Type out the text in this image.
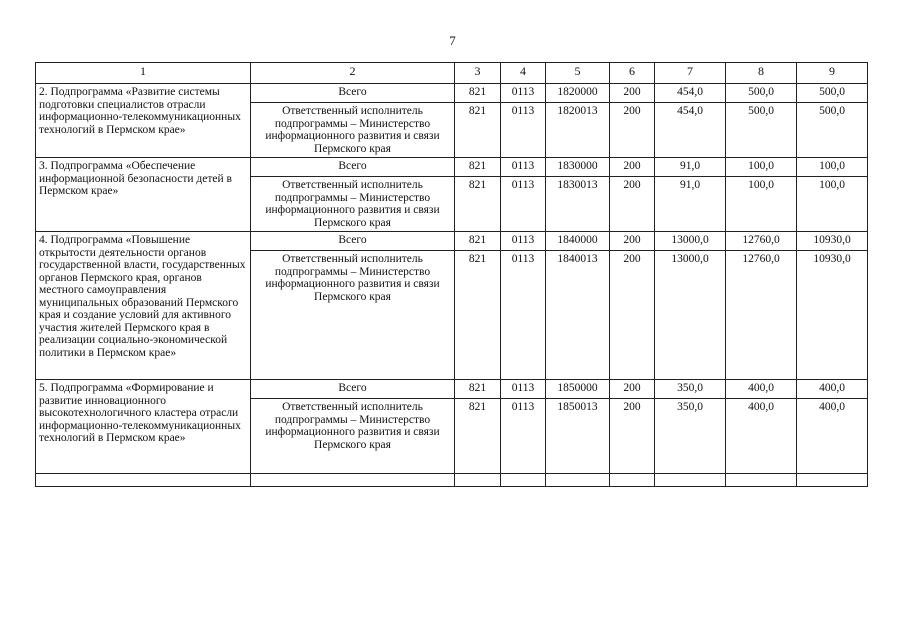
7
1	2	3	4	5	6	7	8	9
2. Подпрограмма «Развитие системы подготовки специалистов отрасли информационно-телекоммуникационных технологий в Пермском крае»	Всего	821	0113	1820000	200	454,0	500,0	500,0
	Ответственный исполнитель подпрограммы – Министерство информационного развития и связи Пермского края	821	0113	1820013	200	454,0	500,0	500,0
3. Подпрограмма «Обеспечение информационной безопасности детей в Пермском крае»	Всего	821	0113	1830000	200	91,0	100,0	100,0
	Ответственный исполнитель подпрограммы – Министерство информационного развития и связи Пермского края	821	0113	1830013	200	91,0	100,0	100,0
4. Подпрограмма «Повышение открытости деятельности органов государственной власти, государственных органов Пермского края, органов местного самоуправления муниципальных образований Пермского края и создание условий для активного участия жителей Пермского края в реализации социально-экономической политики в Пермском крае»	Всего	821	0113	1840000	200	13000,0	12760,0	10930,0
	Ответственный исполнитель подпрограммы – Министерство информационного развития и связи Пермского края	821	0113	1840013	200	13000,0	12760,0	10930,0
5. Подпрограмма «Формирование и развитие инновационного высокотехнологичного кластера отрасли информационно-телекоммуникационных технологий в Пермском крае»	Всего	821	0113	1850000	200	350,0	400,0	400,0
	Ответственный исполнитель подпрограммы – Министерство информационного развития и связи Пермского края	821	0113	1850013	200	350,0	400,0	400,0
